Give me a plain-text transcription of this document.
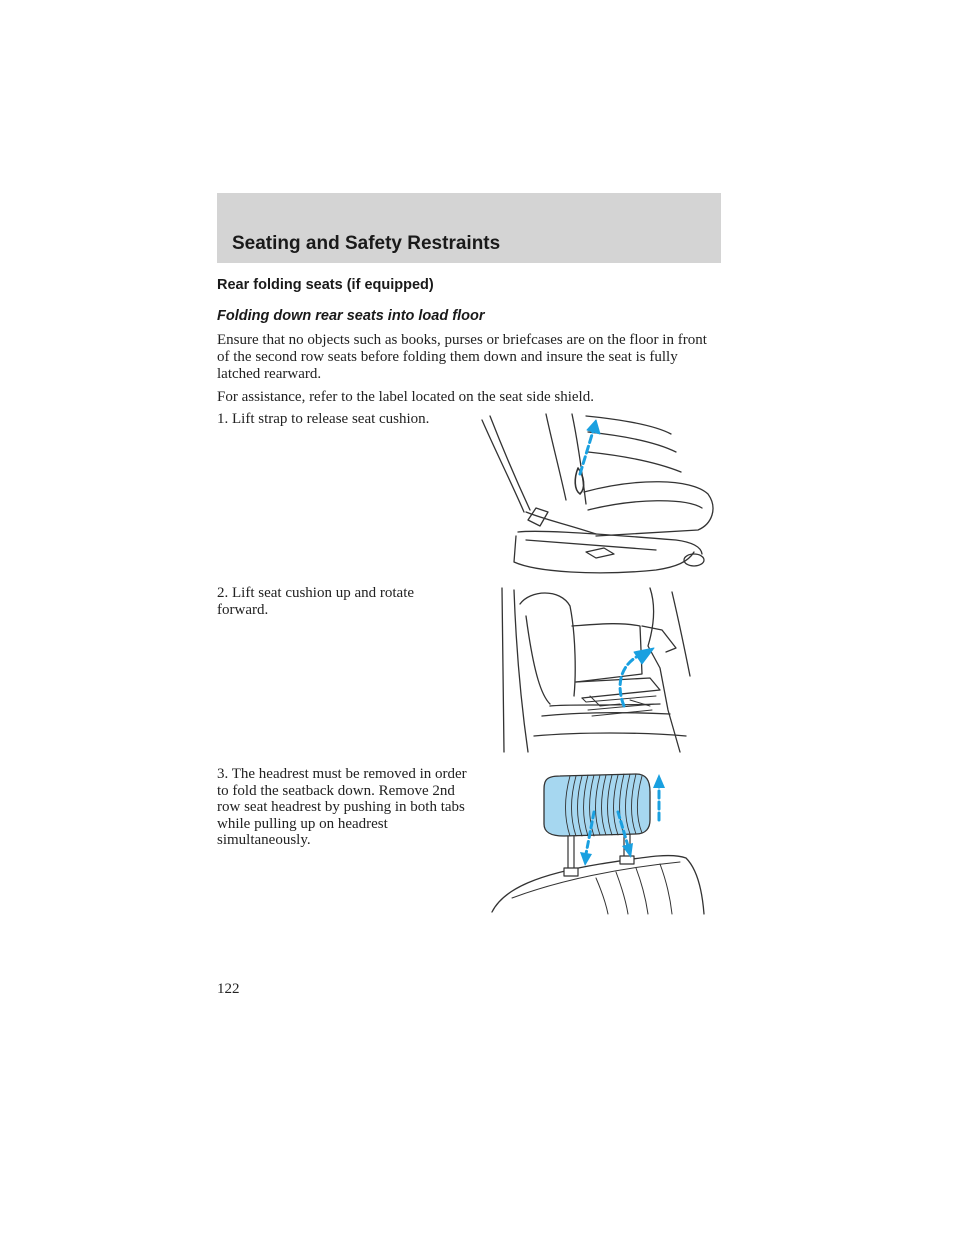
Seating and Safety Restraints
Rear folding seats (if equipped)
Folding down rear seats into load floor

Ensure that no objects such as books, purses or briefcases are on the floor in front of the second row seats before folding them down and insure the seat is fully latched rearward.

For assistance, refer to the label located on the seat side shield.

1. Lift strap to release seat cushion.

2. Lift seat cushion up and rotate forward.

3. The headrest must be removed in order to fold the seatback down. Remove 2nd row seat headrest by pushing in both tabs while pulling up on headrest simultaneously.

122
